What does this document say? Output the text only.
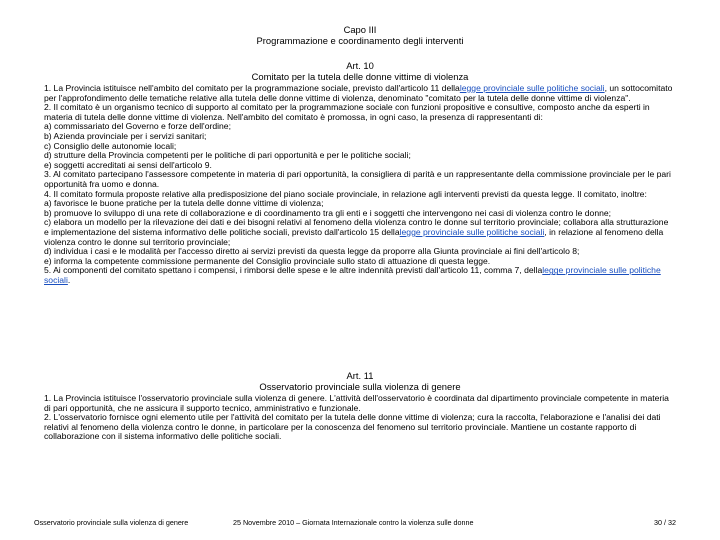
Capo III
Programmazione e coordinamento degli interventi
Art. 10
Comitato per la tutela delle donne vittime di violenza

1. La Provincia istituisce nell'ambito del comitato per la programmazione sociale, previsto dall'articolo 11 dellalegge provinciale sulle politiche sociali, un sottocomitato per l'approfondimento delle tematiche relative alla tutela delle donne vittime di violenza, denominato "comitato per la tutela delle donne vittime di violenza".

2. Il comitato è un organismo tecnico di supporto al comitato per la programmazione sociale con funzioni propositive e consultive, composto anche da esperti in materia di tutela delle donne vittime di violenza. Nell'ambito del comitato è promossa, in ogni caso, la presenza di rappresentanti di:

a) commissariato del Governo e forze dell'ordine;

b) Azienda provinciale per i servizi sanitari;

c) Consiglio delle autonomie locali;

d) strutture della Provincia competenti per le politiche di pari opportunità e per le politiche sociali;

e) soggetti accreditati ai sensi dell'articolo 9.

3. Al comitato partecipano l'assessore competente in materia di pari opportunità, la consigliera di parità e un rappresentante della commissione provinciale per le pari opportunità fra uomo e donna.

4. Il comitato formula proposte relative alla predisposizione del piano sociale provinciale, in relazione agli interventi previsti da questa legge. Il comitato, inoltre:

a) favorisce le buone pratiche per la tutela delle donne vittime di violenza;

b) promuove lo sviluppo di una rete di collaborazione e di coordinamento tra gli enti e i soggetti che intervengono nei casi di violenza contro le donne;

c) elabora un modello per la rilevazione dei dati e dei bisogni relativi al fenomeno della violenza contro le donne sul territorio provinciale; collabora alla strutturazione e implementazione del sistema informativo delle politiche sociali, previsto dall'articolo 15 dellalegge provinciale sulle politiche sociali, in relazione al fenomeno della violenza contro le donne sul territorio provinciale;

d) individua i casi e le modalità per l'accesso diretto ai servizi previsti da questa legge da proporre alla Giunta provinciale ai fini dell'articolo 8;

e) informa la competente commissione permanente del Consiglio provinciale sullo stato di attuazione di questa legge.

5. Ai componenti del comitato spettano i compensi, i rimborsi delle spese e le altre indennità previsti dall'articolo 11, comma 7, dellalegge provinciale sulle politiche sociali.

Art. 11
Osservatorio provinciale sulla violenza di genere

1. La Provincia istituisce l'osservatorio provinciale sulla violenza di genere. L'attività dell'osservatorio è coordinata dal dipartimento provinciale competente in materia di pari opportunità, che ne assicura il supporto tecnico, amministrativo e funzionale.

2. L'osservatorio fornisce ogni elemento utile per l'attività del comitato per la tutela delle donne vittime di violenza; cura la raccolta, l'elaborazione e l'analisi dei dati relativi al fenomeno della violenza contro le donne, in particolare per la conoscenza del fenomeno sul territorio provinciale. Mantiene un costante rapporto di collaborazione con il sistema informativo delle politiche sociali.

Osservatorio provinciale sulla violenza di genere	25 Novembre 2010 – Giornata Internazionale contro la violenza sulle donne	30 / 32
